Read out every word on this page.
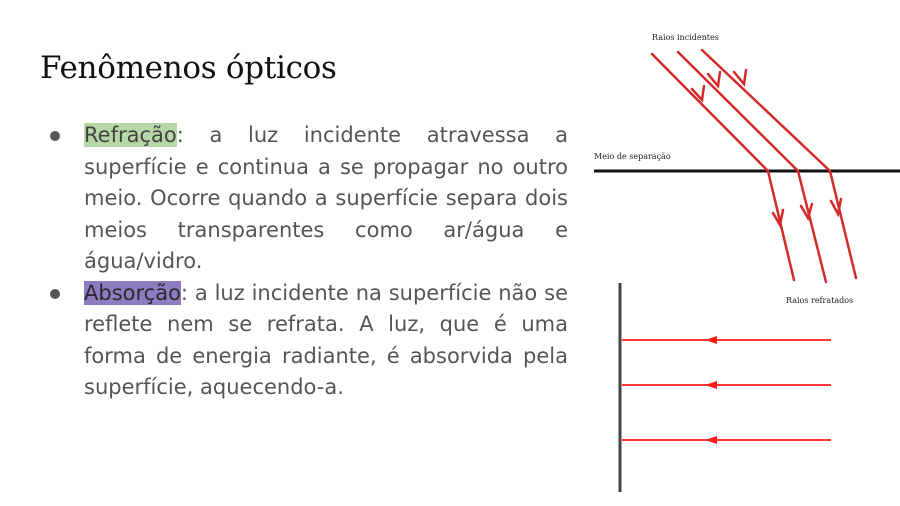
Fenômenos ópticos
Refração: a luz incidente atravessa a superfície e continua a se propagar no outro meio. Ocorre quando a superfície separa dois meios transparentes como ar/água e água/vidro.
Absorção: a luz incidente na superfície não se reflete nem se refrata. A luz, que é uma forma de energia radiante, é absorvida pela superfície, aquecendo-a.
Raios incidentes
Meio de separação
Raios refratados
